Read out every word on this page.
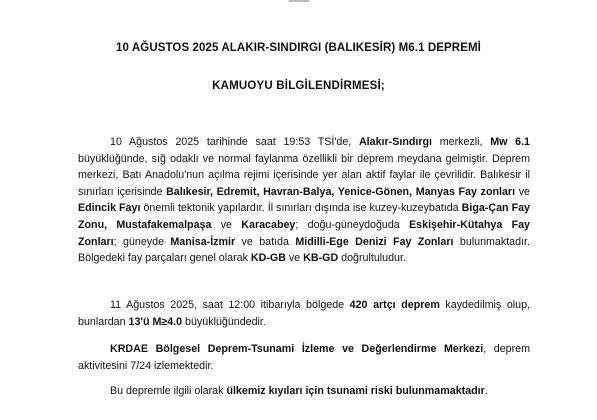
10 AĞUSTOS 2025 ALAKIR-SINDIRGI (BALIKESİR) M6.1 DEPREMİ
KAMUOYU BİLGİLENDİRMESİ;

10 Ağustos 2025 tarihinde saat 19:53 TSİ'de, Alakır-Sındırgı merkezli, Mw 6.1 büyüklüğünde, sığ odaklı ve normal faylanma özellikli bir deprem meydana gelmiştir. Deprem merkezi, Batı Anadolu'nun açılma rejimi içerisinde yer alan aktif faylar ile çevrilidir. Balıkesir il sınırları içerisinde Balıkesir, Edremit, Havran-Balya, Yenice-Gönen, Manyas Fay zonları ve Edincik Fayı önemli tektonik yapılardır. İl sınırları dışında ise kuzey-kuzeybatıda Biga-Çan Fay Zonu, Mustafakemalpaşa ve Karacabey; doğu-güneydoğuda Eskişehir-Kütahya Fay Zonları; güneyde Manisa-İzmir ve batıda Midilli-Ege Denizi Fay Zonları bulunmaktadır. Bölgedeki fay parçaları genel olarak KD-GB ve KB-GD doğrultuludur.

11 Ağustos 2025, saat 12:00 itibarıyla bölgede 420 artçı deprem kaydedilmiş olup, bunlardan 13'ü M≥4.0 büyüklüğündedir.

KRDAE Bölgesel Deprem-Tsunami İzleme ve Değerlendirme Merkezi, deprem aktivitesini 7/24 izlemektedir.

Bu depremle ilgili olarak ülkemiz kıyıları için tsunami riski bulunmamaktadır.
